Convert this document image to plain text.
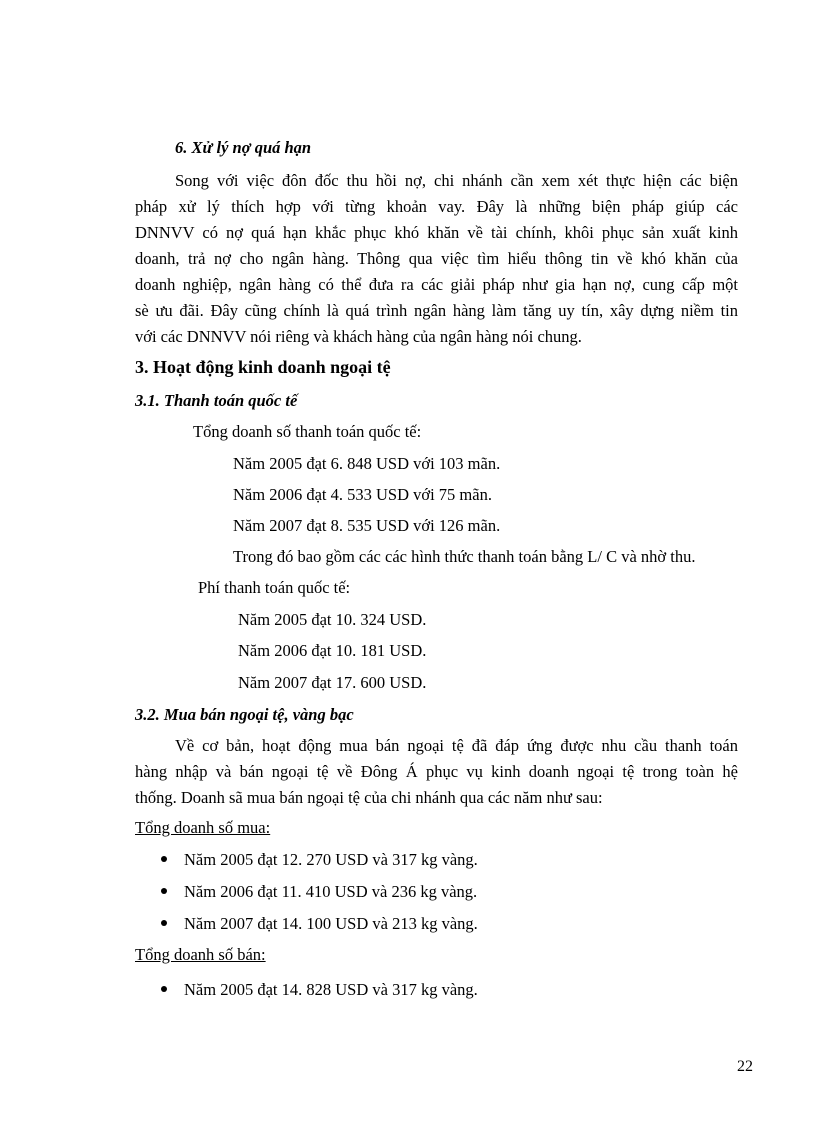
6. Xử lý nợ quá hạn
Song với việc đôn đốc thu hồi nợ, chi nhánh cần xem xét thực hiện các biện
pháp xử lý thích hợp với từng khoản vay. Đây là những biện pháp giúp các
DNNVV có nợ quá hạn khắc phục khó khăn về tài chính, khôi phục sản xuất kinh
doanh, trả nợ cho ngân hàng. Thông qua việc tìm hiểu thông tin về khó khăn của
doanh nghiệp, ngân hàng có thể đưa ra các giải pháp như gia hạn nợ, cung cấp một
sè ưu đãi. Đây cũng chính là quá trình ngân hàng làm tăng uy tín, xây dựng niềm tin
với các DNNVV nói riêng và khách hàng của ngân hàng nói chung.
3. Hoạt động kinh doanh ngoại tệ
3.1. Thanh toán quốc tế
Tổng doanh số thanh toán quốc tế:
Năm 2005 đạt 6. 848 USD với 103 mãn.
Năm 2006 đạt 4. 533 USD với 75 mãn.
Năm 2007 đạt 8. 535 USD với 126 mãn.
Trong đó bao gồm các các hình thức thanh toán bằng L/ C và nhờ thu.
Phí thanh toán quốc tế:
Năm 2005 đạt 10. 324 USD.
Năm 2006 đạt 10. 181 USD.
Năm 2007 đạt 17. 600 USD.
3.2. Mua bán ngoại tệ, vàng bạc
Về cơ bản, hoạt động mua bán ngoại tệ đã đáp ứng được nhu cầu thanh toán
hàng nhập và bán ngoại tệ về Đông Á phục vụ kinh doanh ngoại tệ trong toàn hệ
thống. Doanh sã mua bán ngoại tệ của chi nhánh qua các năm như sau:
Tổng doanh số mua:
Năm 2005 đạt 12. 270 USD và 317 kg vàng.
Năm 2006 đạt 11. 410 USD và 236 kg vàng.
Năm 2007 đạt 14. 100 USD và 213 kg vàng.
Tổng doanh số bán:
Năm 2005 đạt 14. 828 USD và 317 kg vàng.
22
